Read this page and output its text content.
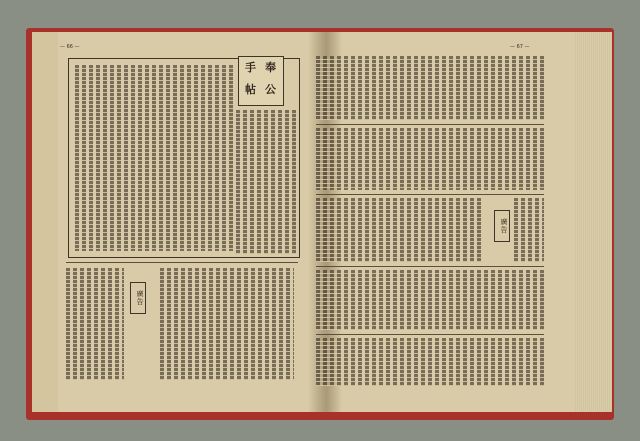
— 66 —	— 67 —
奉
公
手
帖
廣告
廣告
